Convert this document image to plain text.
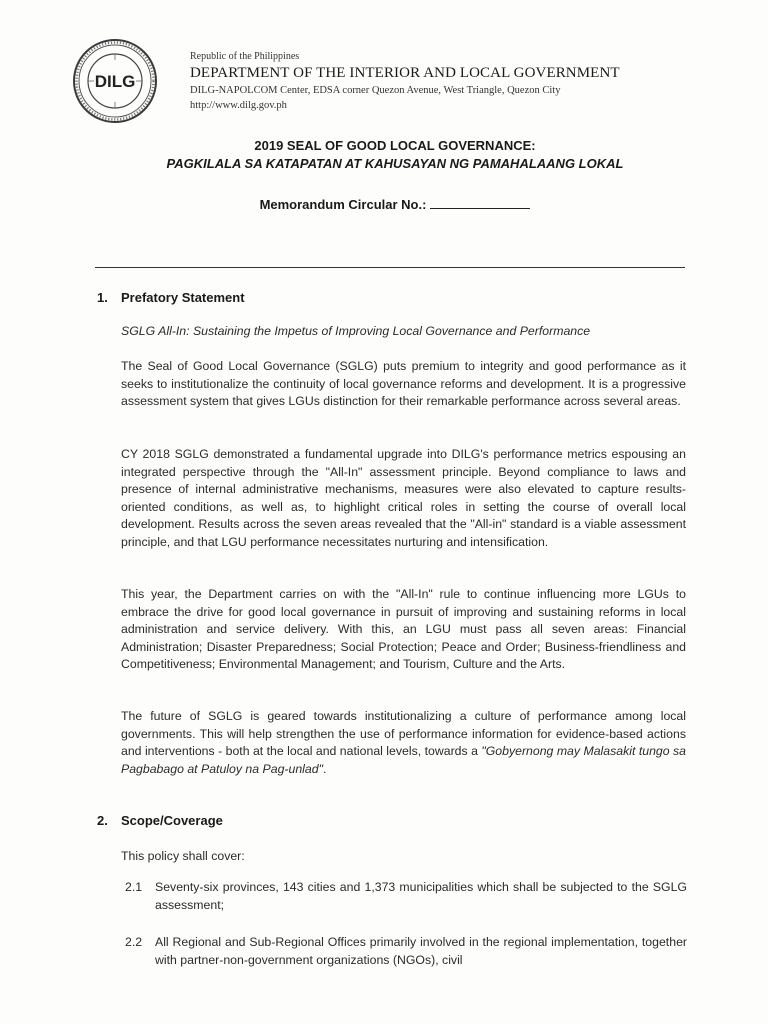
DILG
Republic of the Philippines
DEPARTMENT OF THE INTERIOR AND LOCAL GOVERNMENT
DILG-NAPOLCOM Center, EDSA corner Quezon Avenue, West Triangle, Quezon City
http://www.dilg.gov.ph
2019 SEAL OF GOOD LOCAL GOVERNANCE:
PAGKILALA SA KATAPATAN AT KAHUSAYAN NG PAMAHALAANG LOKAL
Memorandum Circular No.:
1. Prefatory Statement
SGLG All-In: Sustaining the Impetus of Improving Local Governance and Performance
The Seal of Good Local Governance (SGLG) puts premium to integrity and good performance as it seeks to institutionalize the continuity of local governance reforms and development. It is a progressive assessment system that gives LGUs distinction for their remarkable performance across several areas.
CY 2018 SGLG demonstrated a fundamental upgrade into DILG's performance metrics espousing an integrated perspective through the "All-In" assessment principle. Beyond compliance to laws and presence of internal administrative mechanisms, measures were also elevated to capture results-oriented conditions, as well as, to highlight critical roles in setting the course of overall local development. Results across the seven areas revealed that the "All-in" standard is a viable assessment principle, and that LGU performance necessitates nurturing and intensification.
This year, the Department carries on with the "All-In" rule to continue influencing more LGUs to embrace the drive for good local governance in pursuit of improving and sustaining reforms in local administration and service delivery. With this, an LGU must pass all seven areas: Financial Administration; Disaster Preparedness; Social Protection; Peace and Order; Business-friendliness and Competitiveness; Environmental Management; and Tourism, Culture and the Arts.
The future of SGLG is geared towards institutionalizing a culture of performance among local governments. This will help strengthen the use of performance information for evidence-based actions and interventions - both at the local and national levels, towards a "Gobyernong may Malasakit tungo sa Pagbabago at Patuloy na Pag-unlad".
2. Scope/Coverage
This policy shall cover:
2.1 Seventy-six provinces, 143 cities and 1,373 municipalities which shall be subjected to the SGLG assessment;
2.2 All Regional and Sub-Regional Offices primarily involved in the regional implementation, together with partner-non-government organizations (NGOs), civil
